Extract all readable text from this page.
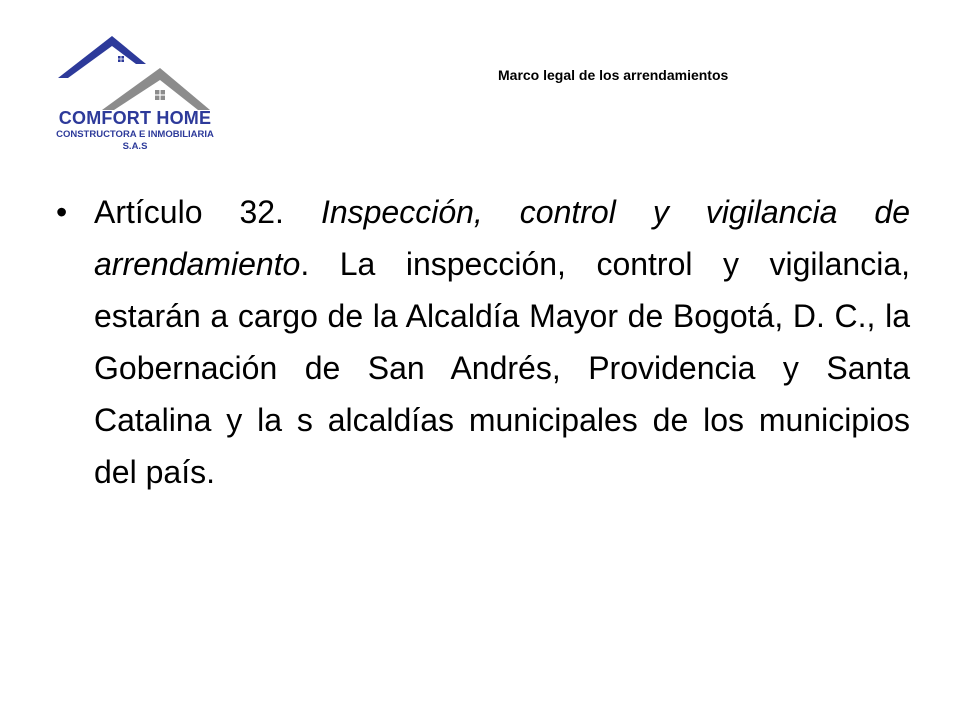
COMFORT HOME
CONSTRUCTORA E INMOBILIARIA
S.A.S
Marco legal de los arrendamientos
• Artículo 32. Inspección, control y vigilancia de arrendamiento. La inspección, control y vigilancia, estarán a cargo de la Alcaldía Mayor de Bogotá, D. C., la Gobernación de San Andrés, Providencia y Santa Catalina y la s alcaldías municipales de los municipios del país.
